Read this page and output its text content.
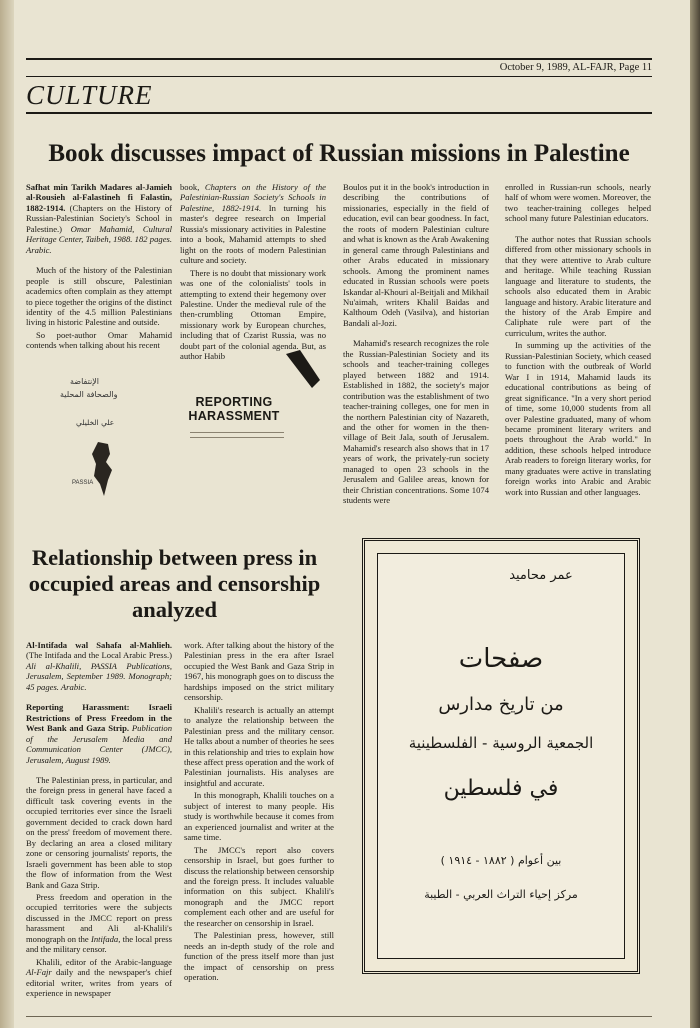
October 9, 1989, AL-FAJR, Page 11
CULTURE
Book discusses impact of Russian missions in Palestine

Safhat min Tarikh Madares al-Jamieh al-Rousieh al-Falastineh fi Falastin, 1882-1914. (Chapters on the History of Russian-Palestinian Society's School in Palestine.) Omar Mahamid, Cultural Heritage Center, Taibeh, 1988. 182 pages. Arabic.

Much of the history of the Palestinian people is still obscure, Palestinian academics often complain as they attempt to piece together the origins of the distinct identity of the 4.5 million Palestinians living in historic Palestine and outside.

So poet-author Omar Mahamid contends when talking about his recent

book, Chapters on the History of the Palestinian-Russian Society's Schools in Palestine, 1882-1914. In turning his master's degree research on Imperial Russia's missionary activities in Palestine into a book, Mahamid attempts to shed light on the roots of modern Palestinian culture and society.

There is no doubt that missionary work was one of the colonialists' tools in attempting to extend their hegemony over Palestine. Under the medieval rule of the then-crumbling Ottoman Empire, missionary work by European churches, including that of Czarist Russia, was no doubt part of the colonial agenda. But, as author Habib

Boulos put it in the book's introduction in describing the contributions of missionaries, especially in the field of education, evil can bear goodness. In fact, the roots of modern Palestinian culture and what is known as the Arab Awakening in general came through Palestinians and other Arabs educated in missionary schools. Among the prominent names educated in Russian schools were poets Iskandar al-Khouri al-Beitjali and Mikhail Nu'aimah, writers Khalil Baidas and Kalthoum Odeh (Vasilva), and historian Bandali al-Jozi.

Mahamid's research recognizes the role the Russian-Palestinian Society and its schools and teacher-training colleges played between 1882 and 1914. Established in 1882, the society's major contribution was the establishment of two teacher-training colleges, one for men in the northern Palestinian city of Nazareth, and the other for women in the then-village of Beit Jala, south of Jerusalem. Mahamid's research also shows that in 17 years of work, the privately-run society managed to open 23 schools in the Jerusalem and Galilee areas, known for their Christian concentrations. Some 1074 students were

enrolled in Russian-run schools, nearly half of whom were women. Moreover, the two teacher-training colleges helped school many future Palestinian educators.

The author notes that Russian schools differed from other missionary schools in that they were attentive to Arab culture and heritage. While teaching Russian language and literature to students, the schools also educated them in Arabic language and history. Arabic literature and the history of the Arab Empire and Caliphate rule were part of the curriculum, writes the author.

In summing up the activities of the Russian-Palestinian Society, which ceased to function with the outbreak of World War I in 1914, Mahamid lauds its educational contributions as being of great significance. "In a very short period of time, some 10,000 students from all over Palestine graduated, many of whom became prominent literary writers and poets throughout the Arab world." In addition, these schools helped introduce Arab readers to foreign literary works, for many graduates were active in translating foreign works into Arabic and Arabic work into Russian and other languages.

الإنتفاضة
والصحافة المحلية
علي الخليلي
PASSIA
REPORTING HARASSMENT
Relationship between press in occupied areas and censorship analyzed

Al-Intifada wal Sahafa al-Mahlieh. (The Intifada and the Local Arabic Press.) Ali al-Khalili, PASSIA Publications, Jerusalem, September 1989. Monograph; 45 pages. Arabic.

Reporting Harassment: Israeli Restrictions of Press Freedom in the West Bank and Gaza Strip. Publication of the Jerusalem Media and Communication Center (JMCC), Jerusalem, August 1989.

The Palestinian press, in particular, and the foreign press in general have faced a difficult task covering events in the occupied territories ever since the Israeli government decided to crack down hard on the press' freedom of movement there. By declaring an area a closed military zone or censoring journalists' reports, the Israeli government has been able to stop the flow of information from the West Bank and Gaza Strip.

Press freedom and operation in the occupied territories were the subjects discussed in the JMCC report on press harassment and Ali al-Khalili's monograph on the Intifada, the local press and the military censor.

Khalili, editor of the Arabic-language Al-Fajr daily and the newspaper's chief editorial writer, writes from years of experience in newspaper

work. After talking about the history of the Palestinian press in the era after Israel occupied the West Bank and Gaza Strip in 1967, his monograph goes on to discuss the hardships imposed on the strict military censorship.

Khalili's research is actually an attempt to analyze the relationship between the Palestinian press and the military censor. He talks about a number of theories he sees in this relationship and tries to explain how these affect press operation and the work of Palestinian journalists. His analyses are insightful and accurate.

In this monograph, Khalili touches on a subject of interest to many people. His study is worthwhile because it comes from an experienced journalist and writer at the same time.

The JMCC's report also covers censorship in Israel, but goes further to discuss the relationship between censorship and the foreign press. It includes valuable information on this subject. Khalili's monograph and the JMCC report complement each other and are useful for the researcher on censorship in Israel.

The Palestinian press, however, still needs an in-depth study of the role and function of the press itself more than just the impact of censorship on press operation.

عمر محاميد
صفحات
من تاريخ مدارس
الجمعية الروسية - الفلسطينية
في فلسطين
بين أعوام ( ١٨٨٢ - ١٩١٤ )
مركز إحياء التراث العربي - الطيبة
